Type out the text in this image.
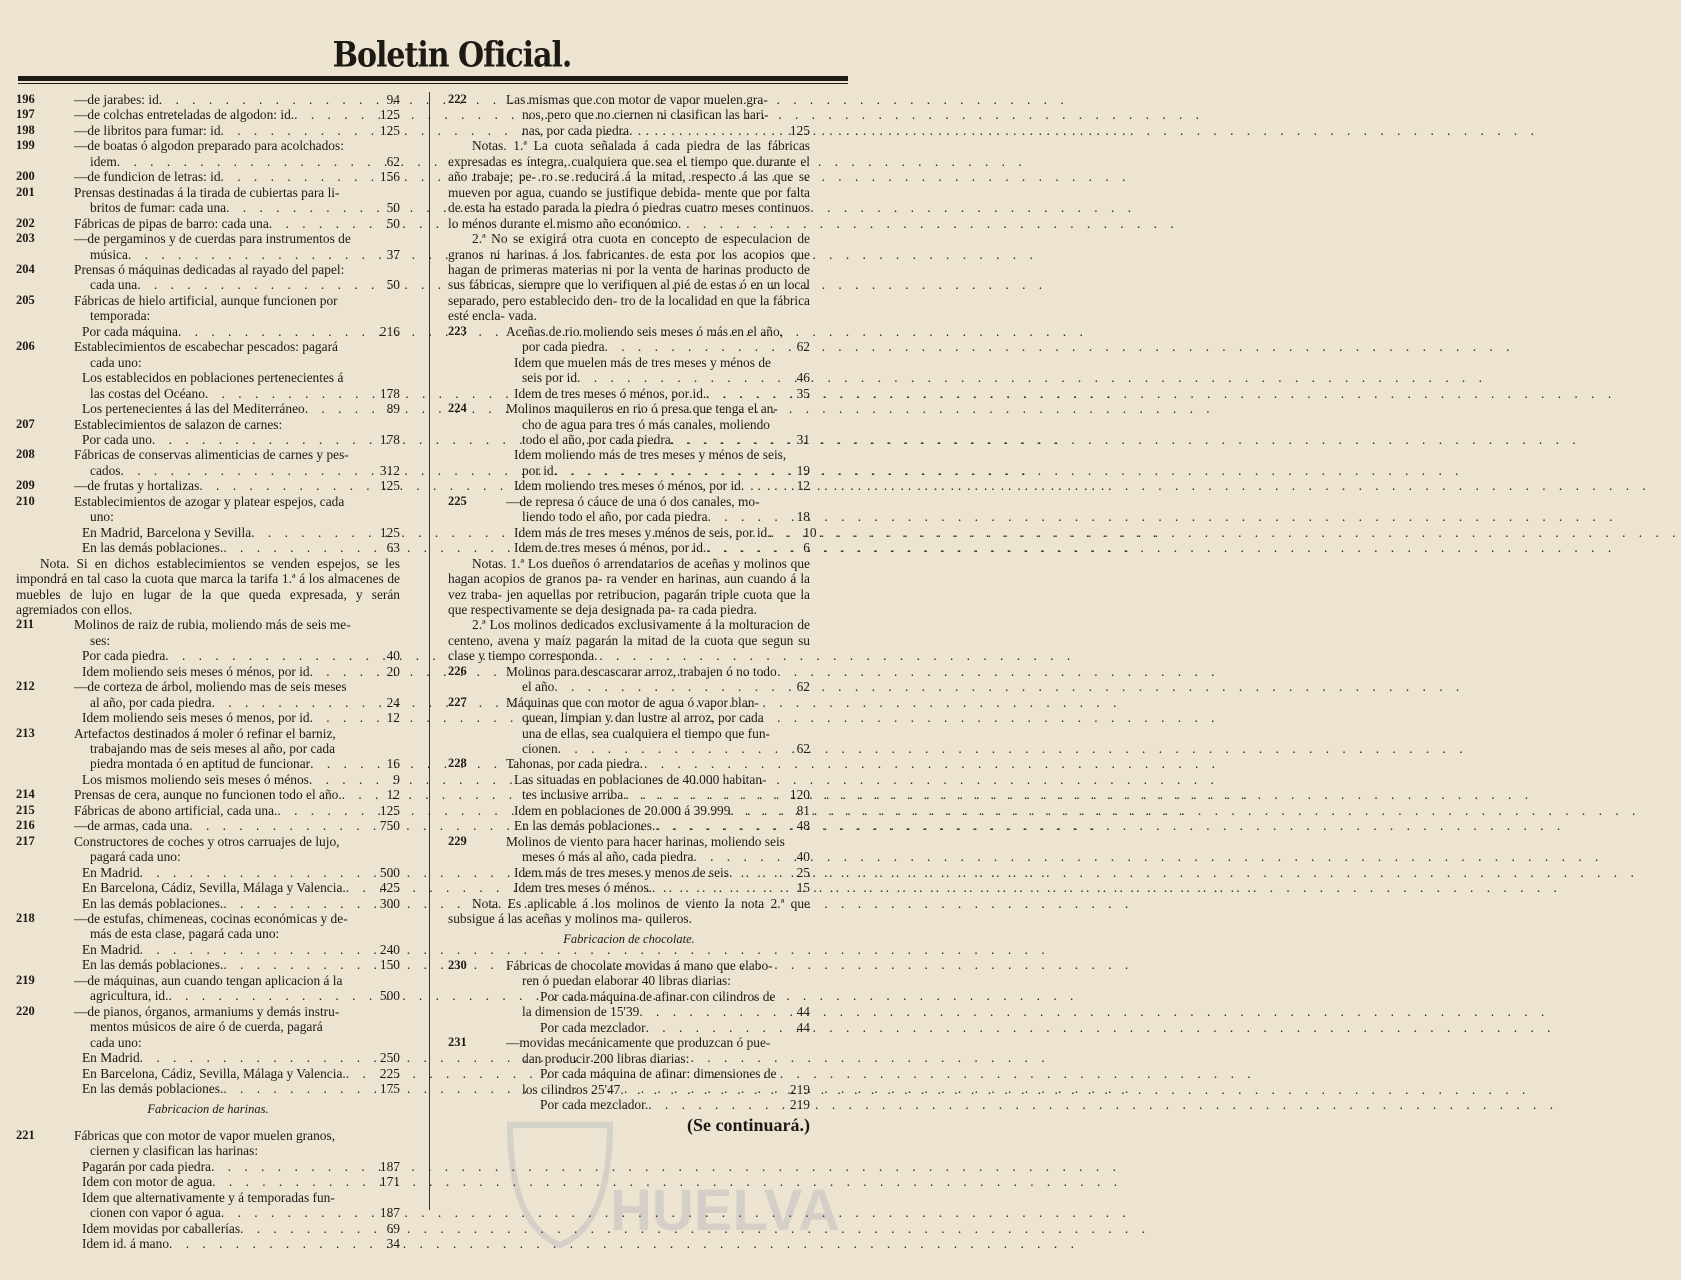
Boletin Oficial.
196	—de jarabes: id . . .	94
197	—de colchas entreteladas de algodon: id. . . .	125
198	—de libritos para fumar: id . . .	125
199	—de boatas ó algodon preparado para acolchados:
idem . . .	62
200	—de fundicion de letras: id . . .	156
201	Prensas destinadas á la tirada de cubiertas para li-
britos de fumar: cada una . . .	50
202	Fábricas de pipas de barro: cada una . . .	50
203	—de pergaminos y de cuerdas para instrumentos de
música . . .	37
204	Prensas ó máquinas dedicadas al rayado del papel:
cada una . . .	50
205	Fábricas de hielo artificial, aunque funcionen por
temporada:
Por cada máquina . . .	216
206	Establecimientos de escabechar pescados: pagará
cada uno:
Los establecidos en poblaciones pertenecientes á
las costas del Océano . . .	178
Los pertenecientes á las del Mediterráneo . . .	89
207	Establecimientos de salazon de carnes:
Por cada uno . . .	178
208	Fábricas de conservas alimenticias de carnes y pes-
cados . . .	312
209	—de frutas y hortalizas . . .	125
210	Establecimientos de azogar y platear espejos, cada
uno:
En Madrid, Barcelona y Sevilla . . .	125
En las demás poblaciones. . . .	63
Nota. Si en dichos establecimientos se venden espejos, se les impondrá en tal caso la cuota que marca la tarifa 1.ª á los almacenes de muebles de lujo en lugar de la que queda expresada, y serán agremiados con ellos.
211	Molinos de raiz de rubia, moliendo más de seis me-
ses:
Por cada piedra . . .	40
Idem moliendo seis meses ó ménos, por id . . .	20
212	—de corteza de árbol, moliendo mas de seis meses
al año, por cada piedra . . .	24
Idem moliendo seis meses ó menos, por id . . .	12
213	Artefactos destinados á moler ó refinar el barniz,
trabajando mas de seis meses al año, por cada
piedra montada ó en aptitud de funcionar . . .	16
Los mismos moliendo seis meses ó ménos . . .	9
214	Prensas de cera, aunque no funcionen todo el año. . . .	12
215	Fábricas de abono artificial, cada una. . . .	125
216	—de armas, cada una . . .	750
217	Constructores de coches y otros carruajes de lujo,
pagará cada uno:
En Madrid . . .	500
En Barcelona, Cádiz, Sevilla, Málaga y Valencia. . . .	425
En las demás poblaciones. . . .	300
218	—de estufas, chimeneas, cocinas económicas y de-
más de esta clase, pagará cada uno:
En Madrid . . .	240
En las demás poblaciones. . . .	150
219	—de máquinas, aun cuando tengan aplicacion á la
agricultura, id. . . .	500
220	—de pianos, órganos, armaniums y demás instru-
mentos músicos de aire ó de cuerda, pagará
cada uno:
En Madrid . . .	250
En Barcelona, Cádiz, Sevilla, Málaga y Valencia. . . .	225
En las demás poblaciones. . . .	175
Fabricacion de harinas.
221	Fábricas que con motor de vapor muelen granos,
ciernen y clasifican las harinas:
Pagarán por cada piedra . . .	187
Idem con motor de agua . . .	171
Idem que alternativamente y á temporadas fun-
cionen con vapor ó agua . . .	187
Idem movidas por caballerías . . .	69
Idem id. á mano . . .	34
222	Las mismas que con motor de vapor muelen gra-
nos, pero que no ciernen ni clasifican las hari-
nas, por cada piedra . . .	125
Notas. 1.ª La cuota señalada á cada piedra de las fábricas expresadas es íntegra, cualquiera que sea el tiempo que durante el año trabaje; pe- ro se reducirá á la mitad, respecto á las que se mueven por agua, cuando se justifique debida- mente que por falta de esta ha estado parada la piedra ó piedras cuatro meses continuos lo ménos durante el mismo año económico.
2.ª No se exigirá otra cuota en concepto de especulacion de granos ni harinas á los fabricantes de esta por los acopios que hagan de primeras materias ni por la venta de harinas producto de sus fábricas, siempre que lo verifiquen al pié de estas ó en un local separado, pero establecido den- tro de la localidad en que la fábrica esté encla- vada.
223	Aceñas de rio moliendo seis meses ó más en el año,
por cada piedra . . .	62
Idem que muelen más de tres meses y ménos de
seis por id . . .	46
Idem de tres meses ó ménos, por id. . . .	35
224	Molinos maquileros en rio ó presa que tenga el an-
cho de agua para tres ó más canales, moliendo
todo el año, por cada piedra . . .	31
Idem moliendo más de tres meses y ménos de seis,
por id . . .	19
Idem moliendo tres meses ó ménos, por id . . .	12
225	—de represa ó cáuce de una ó dos canales, mo-
liendo todo el año, por cada piedra . . .	18
Idem más de tres meses y ménos de seis, por id. . . .	10
Idem de tres meses ó ménos, por id. . . .	6
Notas. 1.ª Los dueños ó arrendatarios de aceñas y molinos que hagan acopios de granos pa- ra vender en harinas, aun cuando á la vez traba- jen aquellas por retribucion, pagarán triple cuota que la que respectivamente se deja designada pa- ra cada piedra.
2.ª Los molinos dedicados exclusivamente á la molturacion de centeno, avena y maíz pagarán la mitad de la cuota que segun su clase y tiempo corresponda.
226	Molinos para descascarar arroz, trabajen ó no todo
el año . . .	62
227	Máquinas que con motor de agua ó vapor blan-
quean, limpian y dan lustre al arroz, por cada
una de ellas, sea cualquiera el tiempo que fun-
cionen . . .	62
228	Tahonas, por cada piedra.
Las situadas en poblaciones de 40.000 habitan-
tes inclusive arriba . . .	120
Idem en poblaciones de 20.000 á 39.999 . . .	81
En las demás poblaciones. . . .	48
229	Molinos de viento para hacer harinas, moliendo seis
meses ó más al año, cada piedra . . .	40
Idem más de tres meses y menos de seis . . .	25
Idem tres meses ó ménos. . . .	15
Nota. Es aplicable á los molinos de viento la nota 2.ª que subsigue á las aceñas y molinos ma- quileros.
Fabricacion de chocolate.
230	Fábricas de chocolate movidas á mano que elabo-
ren ó puedan elaborar 40 libras diarias:
Por cada máquina de afinar con cilindros de
la dimension de 15'39 . . .	44
Por cada mezclador . . .	44
231	—movidas mecánicamente que produzcan ó pue-
dan producir 200 libras diarias:
Por cada máquina de afinar: dimensiones de
los cilindros 25'47 . . .	219
Por cada mezclador. . . .	219
(Se continuará.)
HUELVA
